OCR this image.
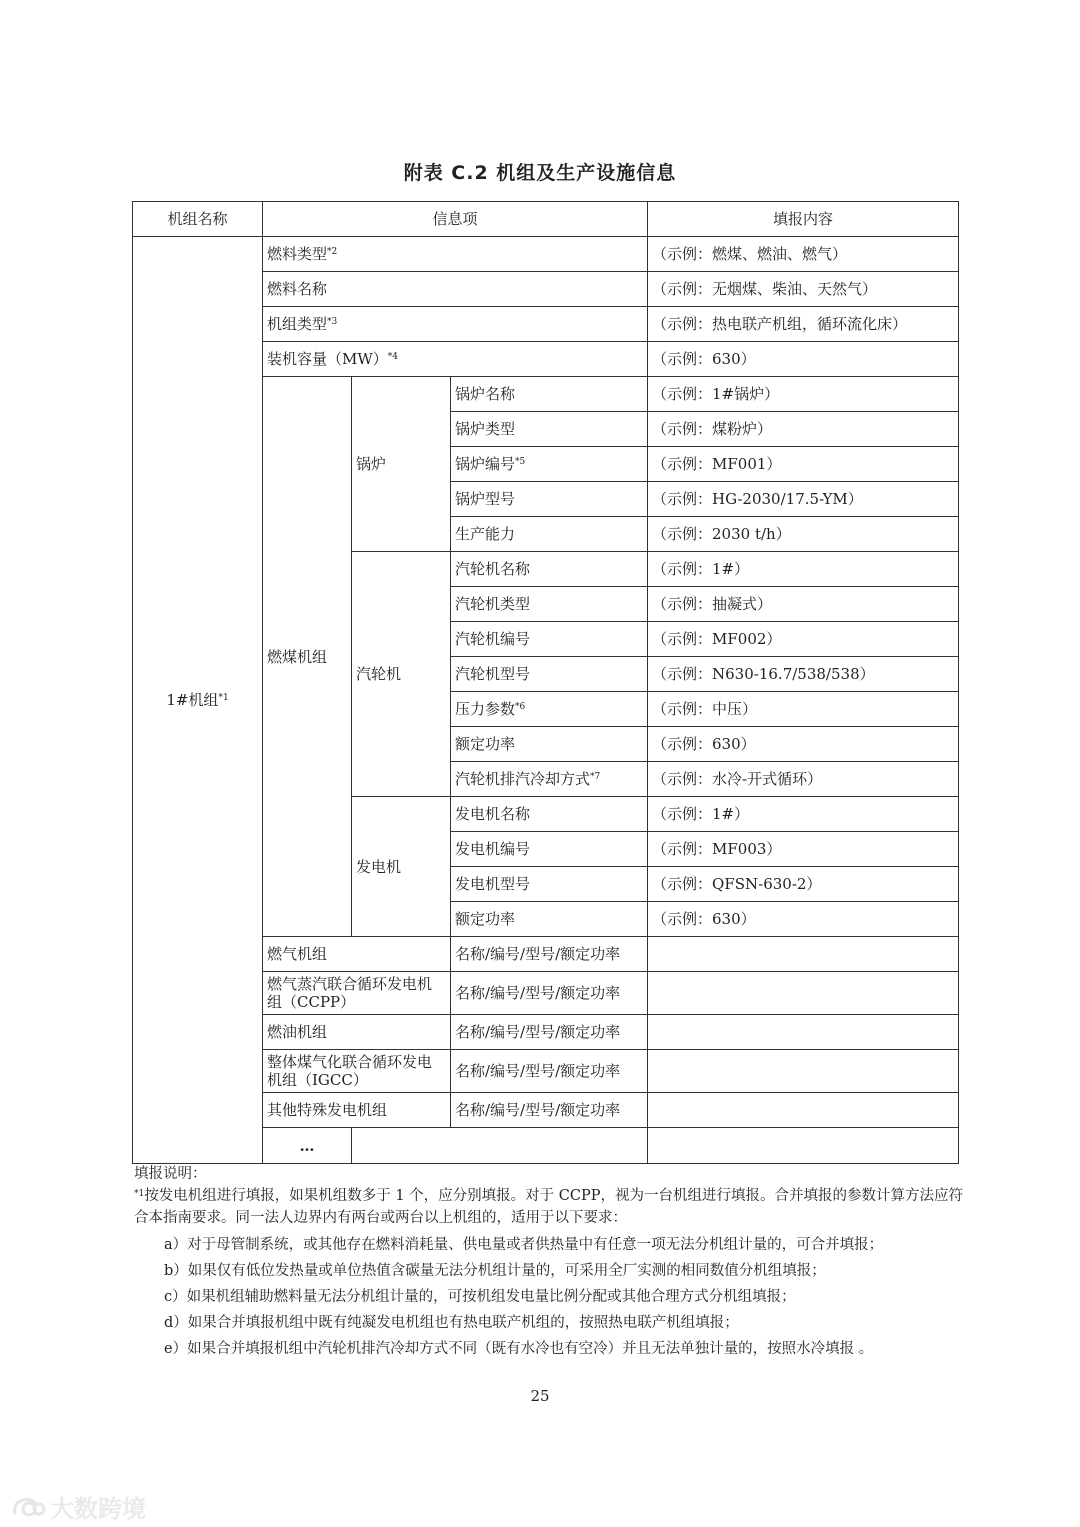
附表 C.2 机组及生产设施信息
机组名称	信息项			填报内容	
1#机组$^{*1}$	燃料类型$^{*2}$			（示例：燃煤、燃油、燃气）	
	燃料名称			（示例：无烟煤、柴油、天然气）	
	机组类型$^{*3}$			（示例：热电联产机组，循环流化床）	
	装机容量（MW）$^{*4}$			（示例：630）	
	燃煤机组	锅炉	锅炉名称	（示例：1#锅炉）	
			锅炉类型	（示例：煤粉炉）	
			锅炉编号$^{*5}$	（示例：MF001）	
			锅炉型号	（示例：HG-2030/17.5-YM）	
			生产能力	（示例：2030 t/h）	
		汽轮机	汽轮机名称	（示例：1#）	
			汽轮机类型	（示例：抽凝式）	
			汽轮机编号	（示例：MF002）	
			汽轮机型号	（示例：N630-16.7/538/538）	
			压力参数$^{*6}$	（示例：中压）	
			额定功率	（示例：630）	
			汽轮机排汽冷却方式$^{*7}$	（示例：水冷-开式循环）	
		发电机	发电机名称	（示例：1#）	
			发电机编号	（示例：MF003）	
			发电机型号	（示例：QFSN-630-2）	
			额定功率	（示例：630）	
	燃气机组		名称/编号/型号/额定功率		
	燃气蒸汽联合循环发电机组（CCPP）		名称/编号/型号/额定功率		
	燃油机组		名称/编号/型号/额定功率		
	整体煤气化联合循环发电机组（IGCC）		名称/编号/型号/额定功率		
	其他特殊发电机组		名称/编号/型号/额定功率		
	…				

填报说明：

$^{*1}$按发电机组进行填报，如果机组数多于 1 个，应分别填报。对于 CCPP，视为一台机组进行填报。合并填报的参数计算方法应符合本指南要求。同一法人边界内有两台或两台以上机组的，适用于以下要求：

a）对于母管制系统，或其他存在燃料消耗量、供电量或者供热量中有任意一项无法分机组计量的，可合并填报；

b）如果仅有低位发热量或单位热值含碳量无法分机组计量的，可采用全厂实测的相同数值分机组填报；

c）如果机组辅助燃料量无法分机组计量的，可按机组发电量比例分配或其他合理方式分机组填报；

d）如果合并填报机组中既有纯凝发电机组也有热电联产机组的，按照热电联产机组填报；

e）如果合并填报机组中汽轮机排汽冷却方式不同（既有水冷也有空冷）并且无法单独计量的，按照水冷填报 。

25
大数跨境
